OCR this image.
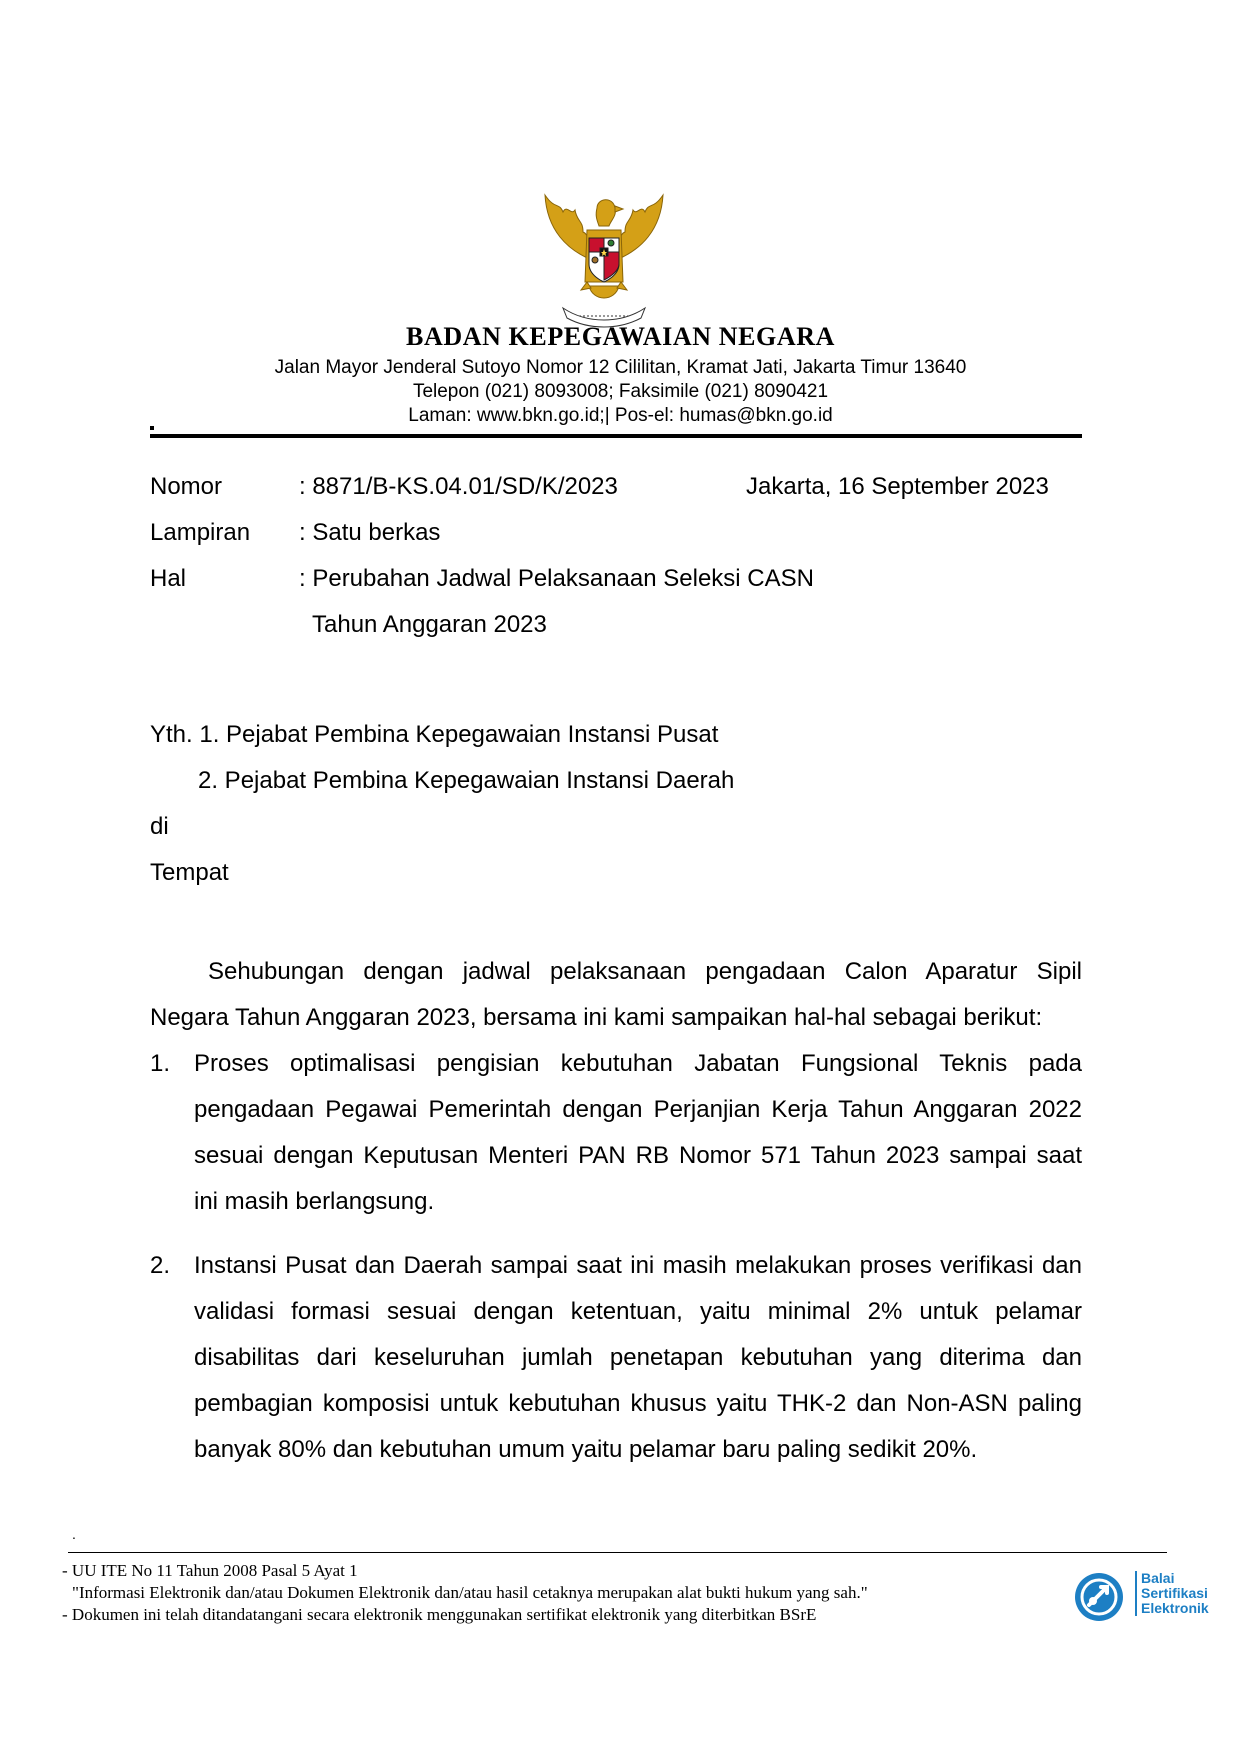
BADAN KEPEGAWAIAN NEGARA
Jalan Mayor Jenderal Sutoyo Nomor 12 Cililitan, Kramat Jati, Jakarta Timur 13640
Telepon (021) 8093008; Faksimile (021) 8090421
Laman: www.bkn.go.id;| Pos-el: humas@bkn.go.id
Nomor	: 8871/B-KS.04.01/SD/K/2023	Jakarta, 16 September 2023
Lampiran : Satu berkas
Hal	: Perubahan Jadwal Pelaksanaan Seleksi CASN
Tahun Anggaran 2023
Yth. 1. Pejabat Pembina Kepegawaian Instansi Pusat
2. Pejabat Pembina Kepegawaian Instansi Daerah
di
Tempat
Sehubungan dengan jadwal pelaksanaan pengadaan Calon Aparatur Sipil
Negara Tahun Anggaran 2023, bersama ini kami sampaikan hal-hal sebagai berikut:
1. Proses optimalisasi pengisian kebutuhan Jabatan Fungsional Teknis pada
pengadaan Pegawai Pemerintah dengan Perjanjian Kerja Tahun Anggaran 2022
sesuai dengan Keputusan Menteri PAN RB Nomor 571 Tahun 2023 sampai saat
ini masih berlangsung.
2. Instansi Pusat dan Daerah sampai saat ini masih melakukan proses verifikasi dan
validasi formasi sesuai dengan ketentuan, yaitu minimal 2% untuk pelamar
disabilitas dari keseluruhan jumlah penetapan kebutuhan yang diterima dan
pembagian komposisi untuk kebutuhan khusus yaitu THK-2 dan Non-ASN paling
banyak 80% dan kebutuhan umum yaitu pelamar baru paling sedikit 20%.
.
- UU ITE No 11 Tahun 2008 Pasal 5 Ayat 1
"Informasi Elektronik dan/atau Dokumen Elektronik dan/atau hasil cetaknya merupakan alat bukti hukum yang sah."
- Dokumen ini telah ditandatangani secara elektronik menggunakan sertifikat elektronik yang diterbitkan BSrE
Balai
Sertifikasi
Elektronik
